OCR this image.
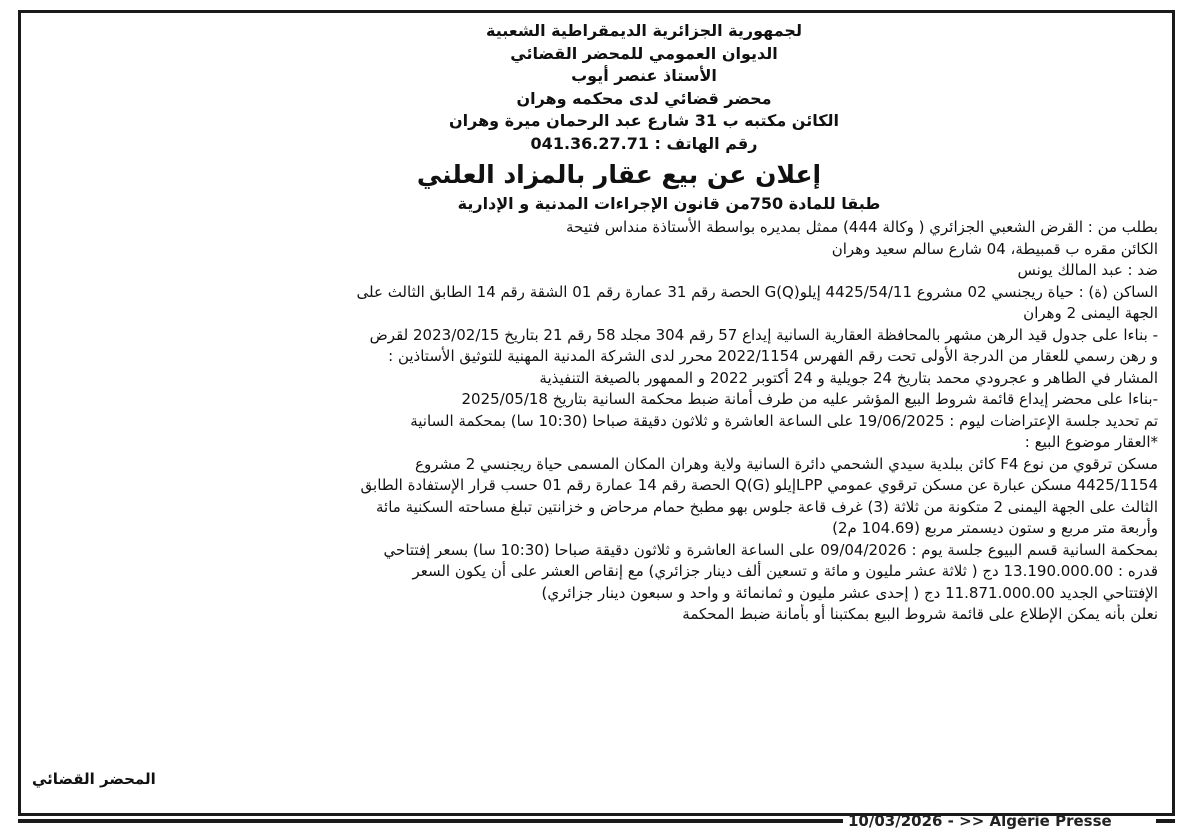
لجمهورية الجزائرية الديمقراطية الشعبية
الديوان العمومي للمحضر القضائي
الأستاذ عنصر أيوب
محضر قضائي لدى محكمه وهران
الكائن مكتبه ب 31 شارع عبد الرحمان ميرة وهران
رقم الهاتف : 041.36.27.71
إعلان عن بيع عقار بالمزاد العلني
طبقا للمادة 750من قانون الإجراءات المدنية و الإدارية
بطلب من : القرض الشعبي الجزائري ( وكالة 444) ممثل بمديره بواسطة الأستاذة منداس فتيحة
الكائن مقره ب قمبيطة، 04 شارع سالم سعيد وهران
ضد : عبد المالك يونس
الساكن (ة) : حياة ريجنسي 02 مشروع 4425/54/11 إيلوG(Q) الحصة رقم 31 عمارة رقم 01 الشقة رقم 14 الطابق الثالث على
الجهة اليمنى 2 وهران
- بناءا على جدول قيد الرهن مشهر بالمحافظة العقارية السانية إيداع 57 رقم 304 مجلد 58 رقم 21 بتاريخ 2023/02/15 لقرض
و رهن رسمي للعقار من الدرجة الأولى تحت رقم الفهرس 2022/1154 محرر لدى الشركة المدنية المهنية للتوثيق الأستاذين :
المشار في الطاهر و عجرودي محمد بتاريخ 24 جويلية و 24 أكتوبر 2022 و الممهور بالصيغة التنفيذية
-بناءا على محضر إيداع قائمة شروط البيع المؤشر عليه من طرف أمانة ضبط محكمة السانية بتاريخ 2025/05/18
تم تحديد جلسة الإعتراضات ليوم : 19/06/2025 على الساعة العاشرة و ثلاثون دقيقة صباحا (10:30 سا) بمحكمة السانية
*العقار موضوع البيع :
مسكن ترقوي من نوع F4 كائن ببلدية سيدي الشحمي دائرة السانية ولاية وهران المكان المسمى حياة ريجنسي 2 مشروع
4425/1154 مسكن عبارة عن مسكن ترقوي عمومي LPPإيلو Q(G) الحصة رقم 14 عمارة رقم 01 حسب قرار الإستفادة الطابق
الثالث على الجهة اليمنى 2 متكونة من ثلاثة (3) غرف قاعة جلوس بهو مطبخ حمام مرحاض و خزانتين تبلغ مساحته السكنية مائة
وأربعة متر مربع و ستون ديسمتر مربع (104.69 م2)
بمحكمة السانية قسم البيوع جلسة يوم : 09/04/2026 على الساعة العاشرة و ثلاثون دقيقة صباحا (10:30 سا) بسعر إفتتاحي
قدره : 13.190.000.00 دج ( ثلاثة عشر مليون و مائة و تسعين ألف دينار جزائري) مع إنقاص العشر على أن يكون السعر
الإفتتاحي الجديد 11.871.000.00 دج ( إحدى عشر مليون و ثمانمائة و واحد و سبعون دينار جزائري)
نعلن بأنه يمكن الإطلاع على قائمة شروط البيع بمكتبنا أو بأمانة ضبط المحكمة
المحضر القضائي
10/03/2026 - >> Algérie Presse
